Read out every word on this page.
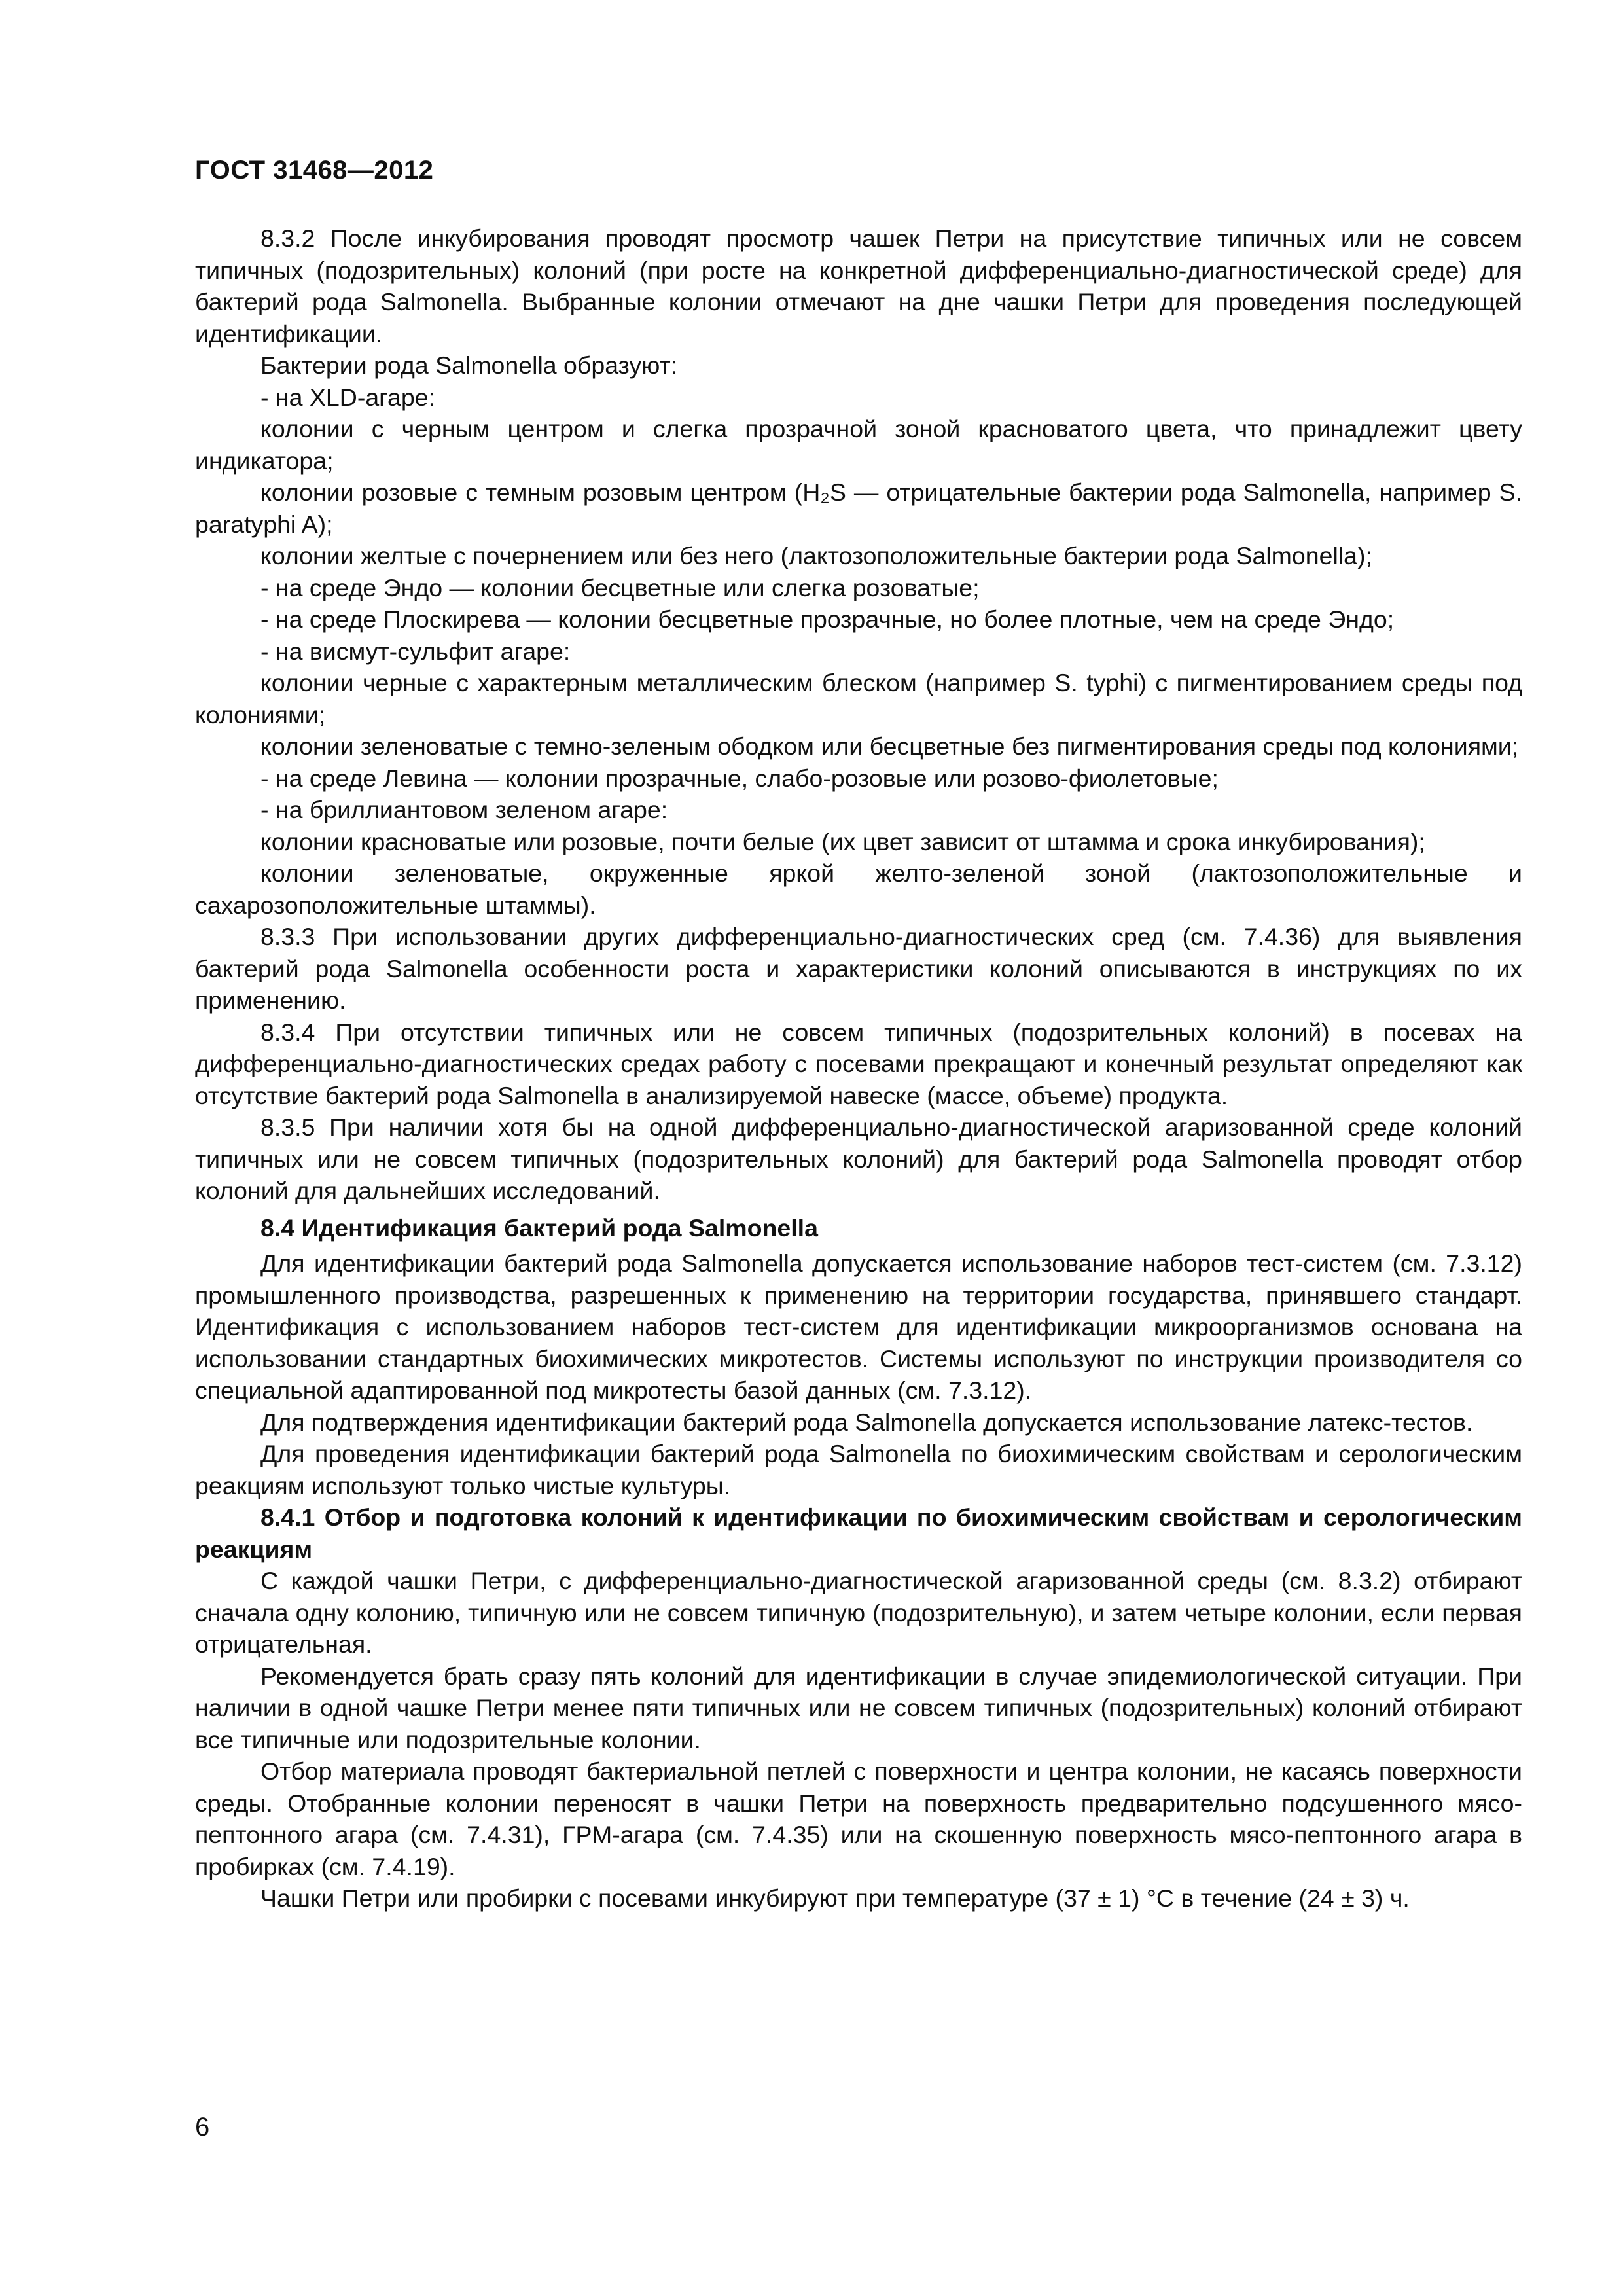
ГОСТ 31468—2012

8.3.2 После инкубирования проводят просмотр чашек Петри на присутствие типичных или не совсем типичных (подозрительных) колоний (при росте на конкретной дифференциально-диагностической среде) для бактерий рода Salmonella. Выбранные колонии отмечают на дне чашки Петри для проведения последующей идентификации.

Бактерии рода Salmonella образуют:

- на XLD-агаре:

колонии с черным центром и слегка прозрачной зоной красноватого цвета, что принадлежит цвету индикатора;

колонии розовые с темным розовым центром (H₂S — отрицательные бактерии рода Salmonella, например S. paratyphi A);

колонии желтые с почернением или без него (лактозоположительные бактерии рода Salmonella);

- на среде Эндо — колонии бесцветные или слегка розоватые;

- на среде Плоскирева — колонии бесцветные прозрачные, но более плотные, чем на среде Эндо;

- на висмут-сульфит агаре:

колонии черные с характерным металлическим блеском (например S. typhi) с пигментированием среды под колониями;

колонии зеленоватые с темно-зеленым ободком или бесцветные без пигментирования среды под колониями;

- на среде Левина — колонии прозрачные, слабо-розовые или розово-фиолетовые;

- на бриллиантовом зеленом агаре:

колонии красноватые или розовые, почти белые (их цвет зависит от штамма и срока инкубирования);

колонии зеленоватые, окруженные яркой желто-зеленой зоной (лактозоположительные и сахарозоположительные штаммы).

8.3.3 При использовании других дифференциально-диагностических сред (см. 7.4.36) для выявления бактерий рода Salmonella особенности роста и характеристики колоний описываются в инструкциях по их применению.

8.3.4 При отсутствии типичных или не совсем типичных (подозрительных колоний) в посевах на дифференциально-диагностических средах работу с посевами прекращают и конечный результат определяют как отсутствие бактерий рода Salmonella в анализируемой навеске (массе, объеме) продукта.

8.3.5 При наличии хотя бы на одной дифференциально-диагностической агаризованной среде колоний типичных или не совсем типичных (подозрительных колоний) для бактерий рода Salmonella проводят отбор колоний для дальнейших исследований.

8.4 Идентификация бактерий рода Salmonella

Для идентификации бактерий рода Salmonella допускается использование наборов тест-систем (см. 7.3.12) промышленного производства, разрешенных к применению на территории государства, принявшего стандарт. Идентификация с использованием наборов тест-систем для идентификации микроорганизмов основана на использовании стандартных биохимических микротестов. Системы используют по инструкции производителя со специальной адаптированной под микротесты базой данных (см. 7.3.12).

Для подтверждения идентификации бактерий рода Salmonella допускается использование латекс-тестов.

Для проведения идентификации бактерий рода Salmonella по биохимическим свойствам и серологическим реакциям используют только чистые культуры.

8.4.1 Отбор и подготовка колоний к идентификации по биохимическим свойствам и серологическим реакциям

С каждой чашки Петри, с дифференциально-диагностической агаризованной среды (см. 8.3.2) отбирают сначала одну колонию, типичную или не совсем типичную (подозрительную), и затем четыре колонии, если первая отрицательная.

Рекомендуется брать сразу пять колоний для идентификации в случае эпидемиологической ситуации. При наличии в одной чашке Петри менее пяти типичных или не совсем типичных (подозрительных) колоний отбирают все типичные или подозрительные колонии.

Отбор материала проводят бактериальной петлей с поверхности и центра колонии, не касаясь поверхности среды. Отобранные колонии переносят в чашки Петри на поверхность предварительно подсушенного мясо-пептонного агара (см. 7.4.31), ГРМ-агара (см. 7.4.35) или на скошенную поверхность мясо-пептонного агара в пробирках (см. 7.4.19).

Чашки Петри или пробирки с посевами инкубируют при температуре (37 ± 1) °С в течение (24 ± 3) ч.

6
